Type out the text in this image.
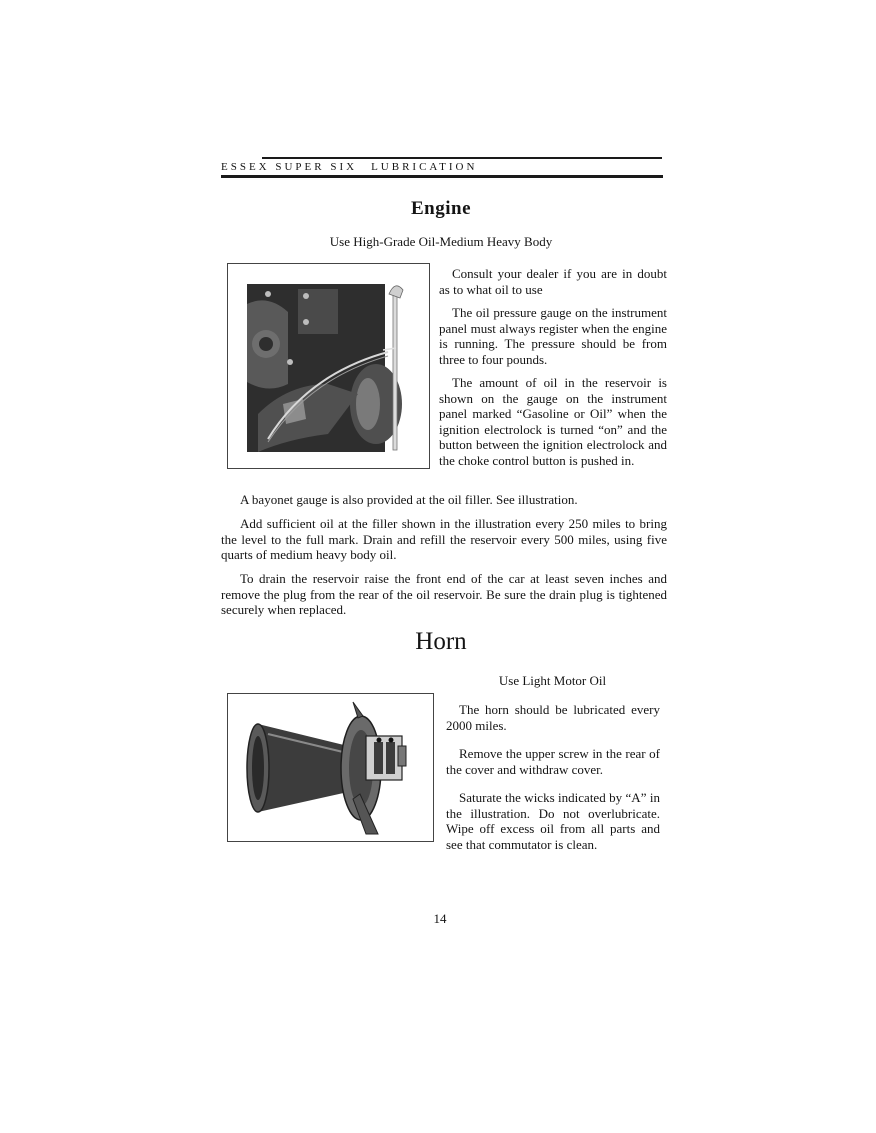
ESSEX SUPER SIX LUBRICATION
Engine
Use High-Grade Oil-Medium Heavy Body

Consult your dealer if you are in doubt as to what oil to use

The oil pressure gauge on the instrument panel must always register when the engine is running. The pressure should be from three to four pounds.

The amount of oil in the reservoir is shown on the gauge on the instrument panel marked “Gasoline or Oil” when the ignition electrolock is turned “on” and the button between the ignition electrolock and the choke control button is pushed in.

A bayonet gauge is also provided at the oil filler. See illustration.

Add sufficient oil at the filler shown in the illustration every 250 miles to bring the level to the full mark. Drain and refill the reservoir every 500 miles, using five quarts of medium heavy body oil.

To drain the reservoir raise the front end of the car at least seven inches and remove the plug from the rear of the oil reservoir. Be sure the drain plug is tightened securely when replaced.

Horn
Use Light Motor Oil

The horn should be lubricated every 2000 miles.

Remove the upper screw in the rear of the cover and withdraw cover.

Saturate the wicks indicated by “A” in the illustration. Do not overlubricate. Wipe off excess oil from all parts and see that commutator is clean.

14
